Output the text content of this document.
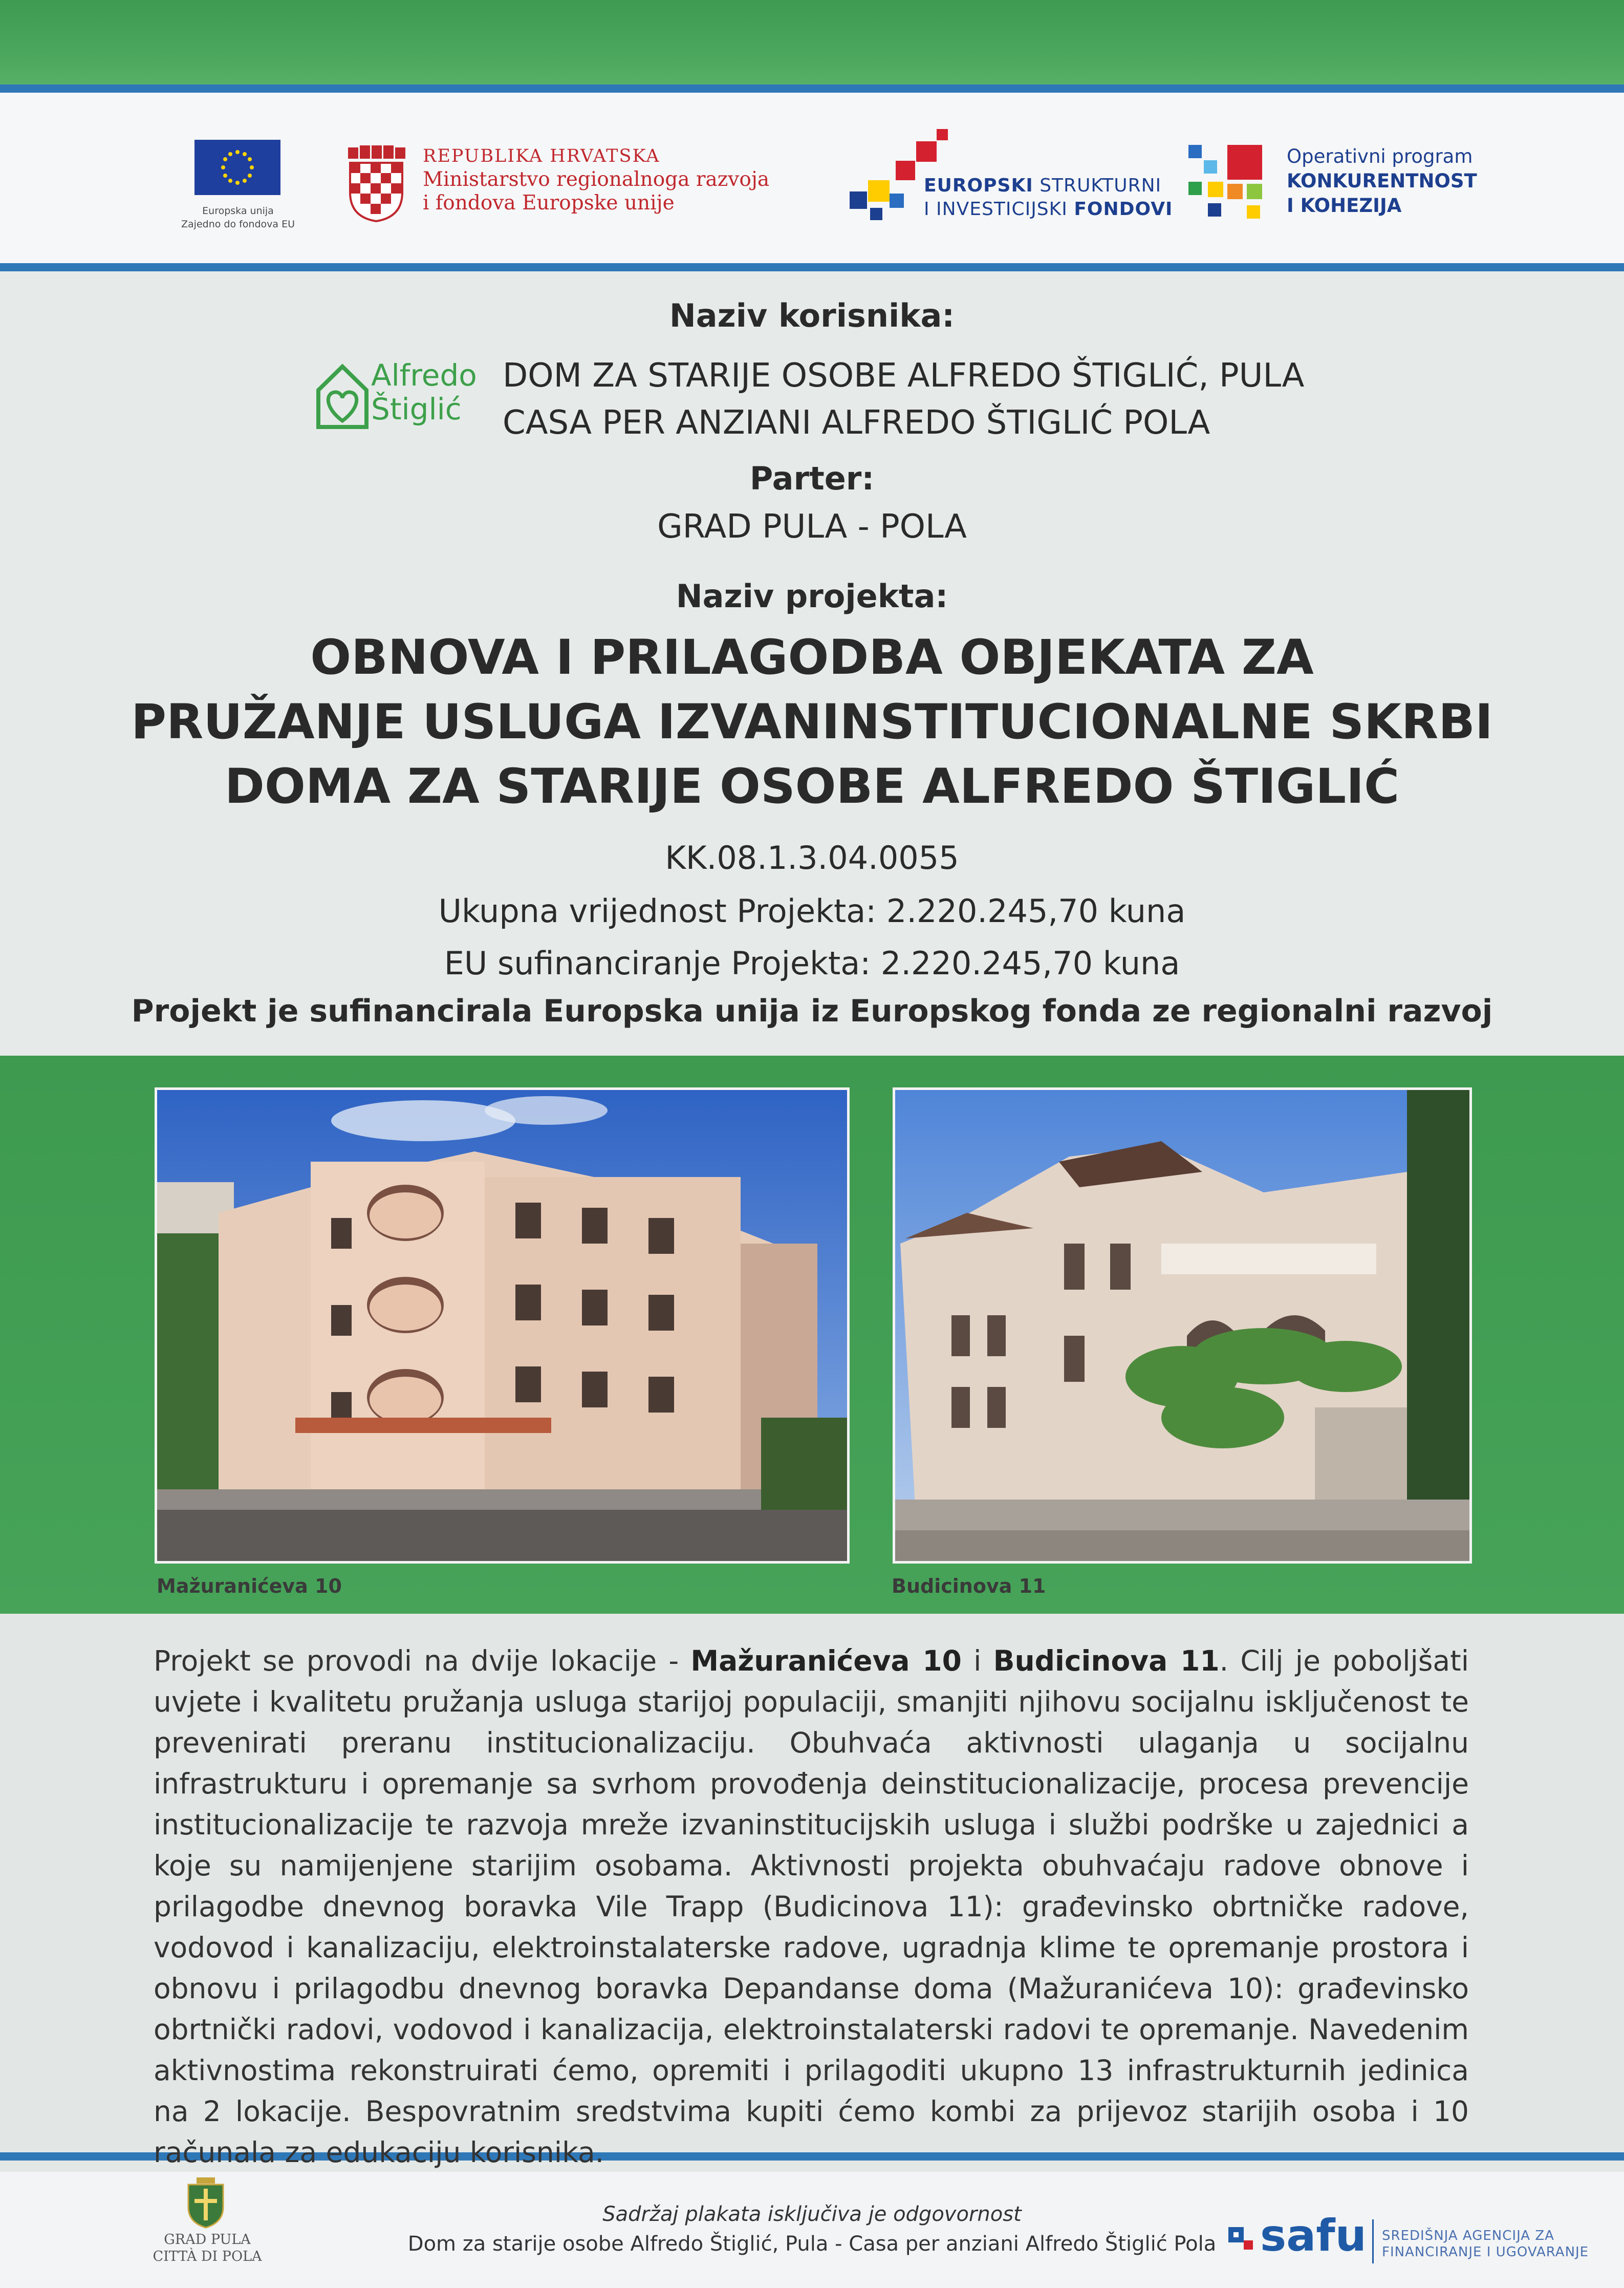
Europska unija
Zajedno do fondova EU
REPUBLIKA HRVATSKA
Ministarstvo regionalnoga razvoja
i fondova Europske unije
EUROPSKI STRUKTURNI
I INVESTICIJSKI FONDOVI
Operativni program
KONKURENTNOST
I KOHEZIJA
Naziv korisnika:
Alfredo
Štiglić
DOM ZA STARIJE OSOBE ALFREDO ŠTIGLIĆ, PULA
CASA PER ANZIANI ALFREDO ŠTIGLIĆ POLA
Parter:
GRAD PULA - POLA
Naziv projekta:
OBNOVA I PRILAGODBA OBJEKATA ZA
PRUŽANJE USLUGA IZVANINSTITUCIONALNE SKRBI
DOMA ZA STARIJE OSOBE ALFREDO ŠTIGLIĆ
KK.08.1.3.04.0055
Ukupna vrijednost Projekta: 2.220.245,70 kuna
EU sufinanciranje Projekta: 2.220.245,70 kuna
Projekt je sufinancirala Europska unija iz Europskog fonda ze regionalni razvoj
Mažuranićeva 10	Budicinova 11
Projekt se provodi na dvije lokacije - Mažuranićeva 10 i Budicinova 11. Cilj je poboljšati uvjete i kvalitetu pružanja usluga starijoj populaciji, smanjiti njihovu socijalnu isključenost te prevenirati preranu institucionalizaciju. Obuhvaća aktivnosti ulaganja u socijalnu infrastrukturu i opremanje sa svrhom provođenja deinstitucionalizacije, procesa prevencije institucionalizacije te razvoja mreže izvaninstitucijskih usluga i službi podrške u zajednici a koje su namijenjene starijim osobama. Aktivnosti projekta obuhvaćaju radove obnove i prilagodbe dnevnog boravka Vile Trapp (Budicinova 11): građevinsko obrtničke radove, vodovod i kanalizaciju, elektroinstalaterske radove, ugradnja klime te opremanje prostora i obnovu i prilagodbu dnevnog boravka Depandanse doma (Mažuranićeva 10): građevinsko obrtnički radovi, vodovod i kanalizacija, elektroinstalaterski radovi te opremanje. Navedenim aktivnostima rekonstruirati ćemo, opremiti i prilagoditi ukupno 13 infrastrukturnih jedinica na 2 lokacije. Bespovratnim sredstvima kupiti ćemo kombi za prijevoz starijih osoba i 10 računala za edukaciju korisnika.
GRAD PULA
CITTÀ DI POLA
Sadržaj plakata isključiva je odgovornost
Dom za starije osobe Alfredo Štiglić, Pula - Casa per anziani Alfredo Štiglić Pola safu SREDIŠNJA AGENCIJA ZA
FINANCIRANJE I UGOVARANJE
